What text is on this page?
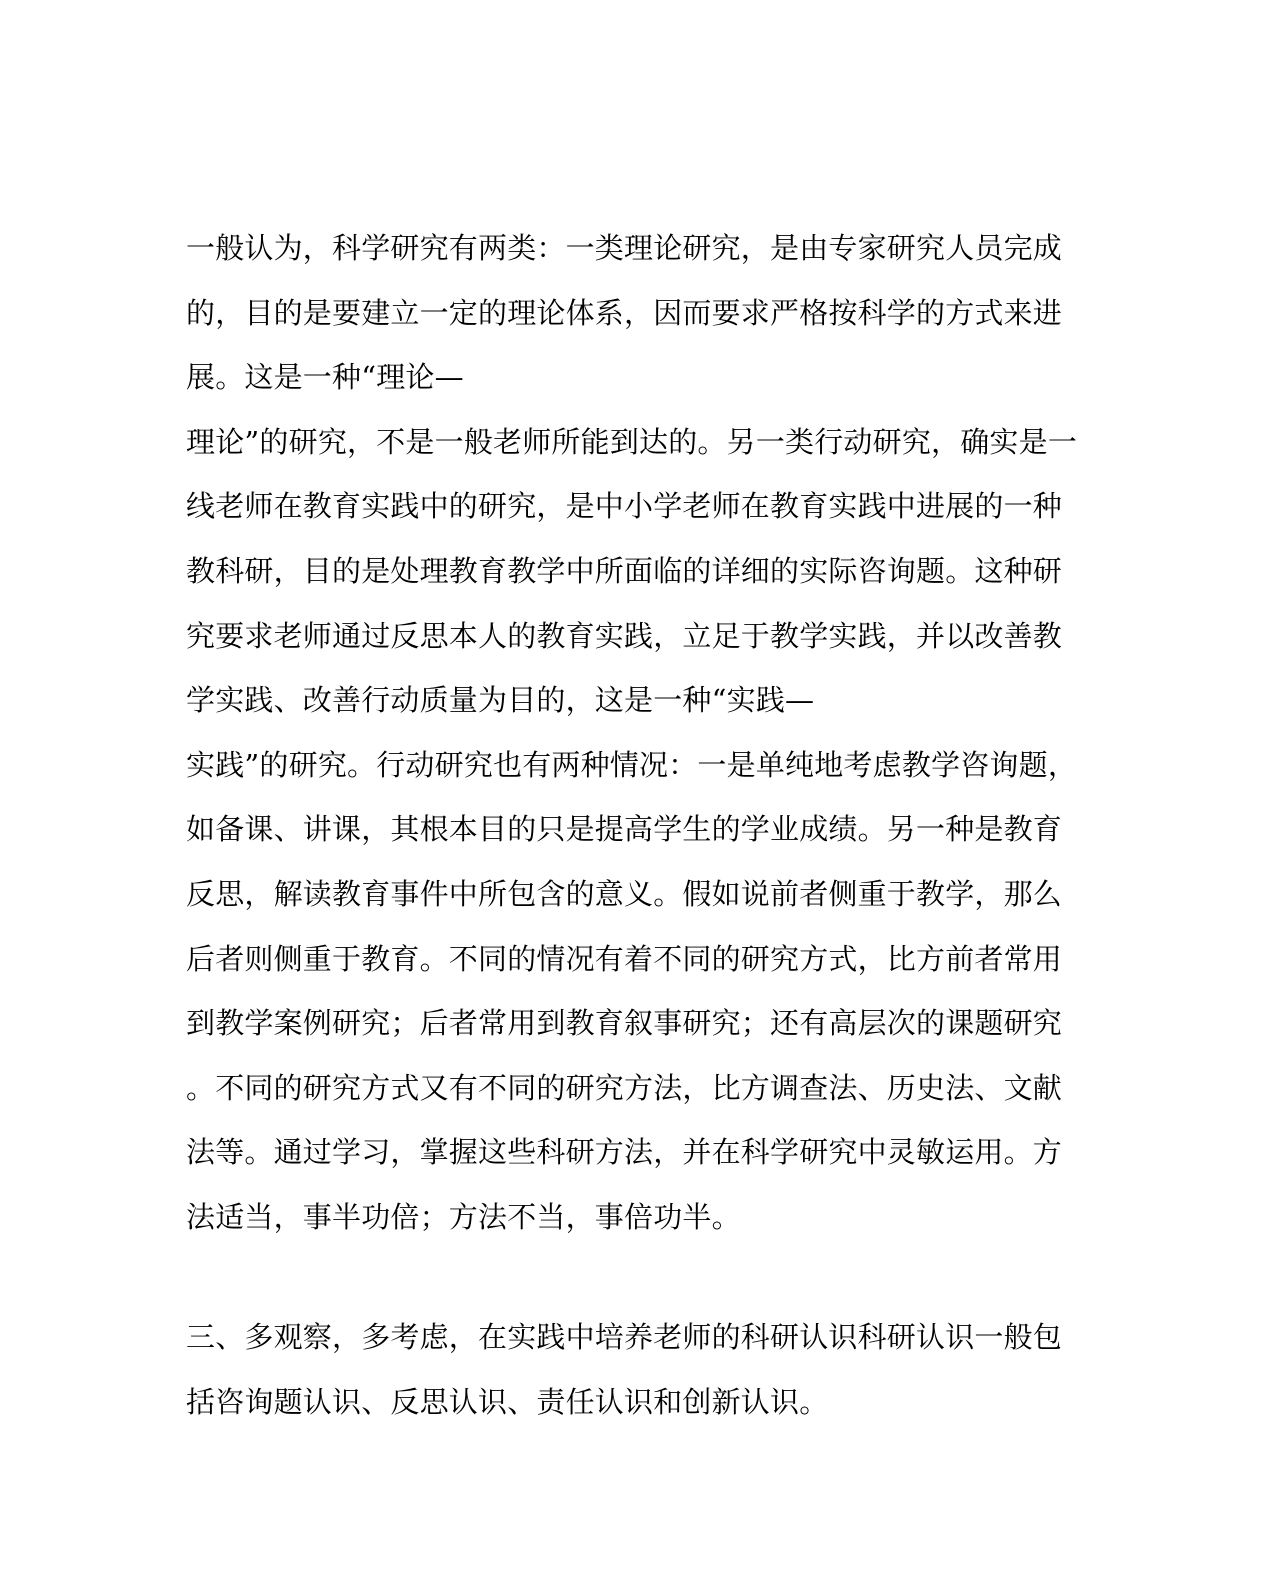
一般认为，科学研究有两类：一类理论研究，是由专家研究人员完成
的，目的是要建立一定的理论体系，因而要求严格按科学的方式来进
展。这是一种“理论—
理论”的研究，不是一般老师所能到达的。另一类行动研究，确实是一
线老师在教育实践中的研究，是中小学老师在教育实践中进展的一种
教科研，目的是处理教育教学中所面临的详细的实际咨询题。这种研
究要求老师通过反思本人的教育实践，立足于教学实践，并以改善教
学实践、改善行动质量为目的，这是一种“实践—
实践”的研究。行动研究也有两种情况：一是单纯地考虑教学咨询题，
如备课、讲课，其根本目的只是提高学生的学业成绩。另一种是教育
反思，解读教育事件中所包含的意义。假如说前者侧重于教学，那么
后者则侧重于教育。不同的情况有着不同的研究方式，比方前者常用
到教学案例研究；后者常用到教育叙事研究；还有高层次的课题研究
。不同的研究方式又有不同的研究方法，比方调查法、历史法、文献
法等。通过学习，掌握这些科研方法，并在科学研究中灵敏运用。方
法适当，事半功倍；方法不当，事倍功半。
三、多观察，多考虑，在实践中培养老师的科研认识科研认识一般包
括咨询题认识、反思认识、责任认识和创新认识。
